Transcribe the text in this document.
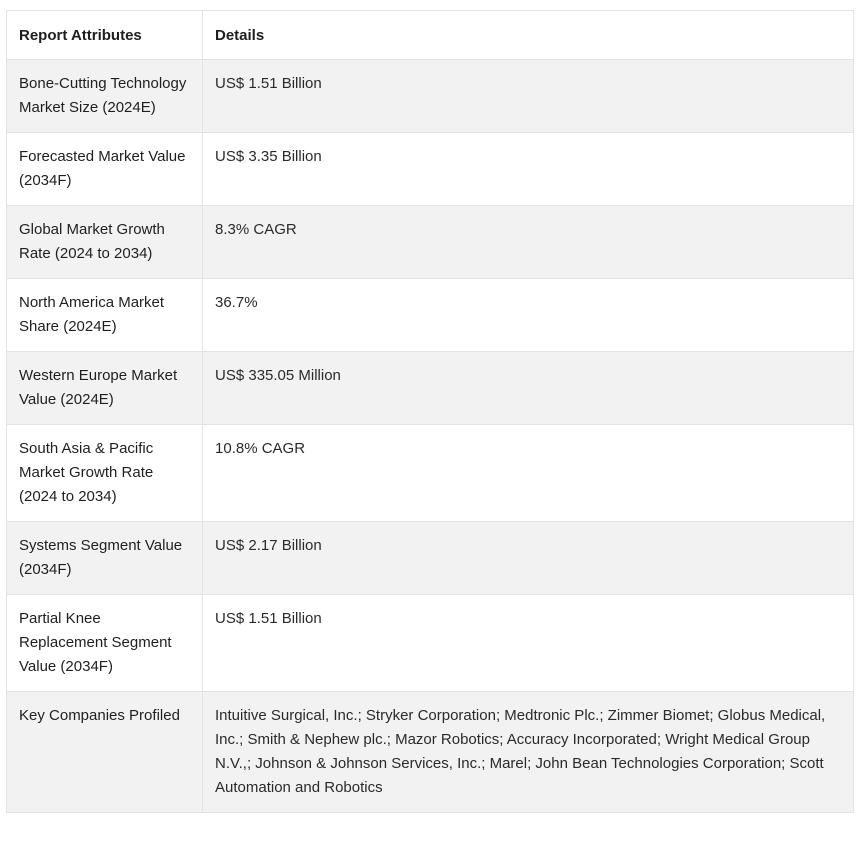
Report Attributes	Details
Bone-Cutting Technology Market Size (2024E)	US$ 1.51 Billion
Forecasted Market Value (2034F)	US$ 3.35 Billion
Global Market Growth Rate (2024 to 2034)	8.3% CAGR
North America Market Share (2024E)	36.7%
Western Europe Market Value (2024E)	US$ 335.05 Million
South Asia & Pacific Market Growth Rate (2024 to 2034)	10.8% CAGR
Systems Segment Value (2034F)	US$ 2.17 Billion
Partial Knee Replacement Segment Value (2034F)	US$ 1.51 Billion
Key Companies Profiled	Intuitive Surgical, Inc.; Stryker Corporation; Medtronic Plc.; Zimmer Biomet; Globus Medical, Inc.; Smith & Nephew plc.; Mazor Robotics; Accuracy Incorporated; Wright Medical Group N.V.,; Johnson & Johnson Services, Inc.; Marel; John Bean Technologies Corporation; Scott Automation and Robotics
